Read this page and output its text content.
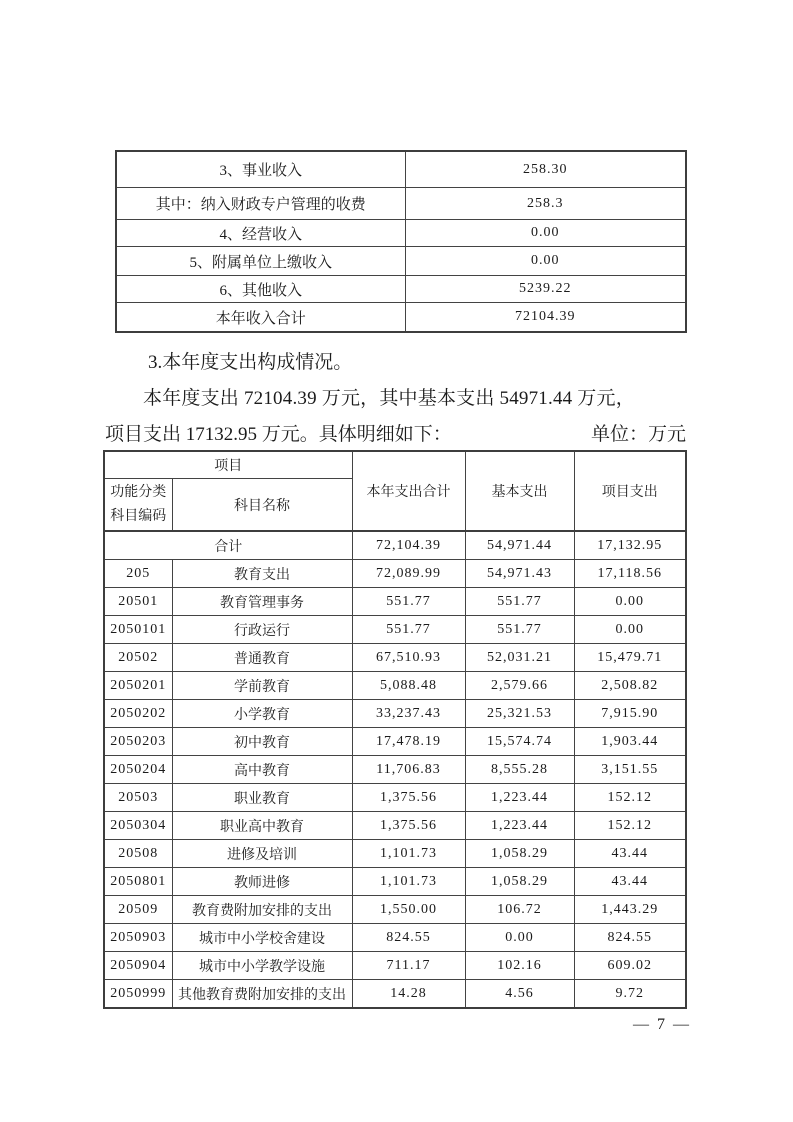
3、事业收入	258.30
其中：纳入财政专户管理的收费	258.3
4、经营收入	0.00
5、附属单位上缴收入	0.00
6、其他收入	5239.22
本年收入合计	72104.39
3.本年度支出构成情况。
本年度支出 72104.39 万元，其中基本支出 54971.44 万元，
项目支出 17132.95 万元。具体明细如下：	单位：万元
项目		本年支出合计	基本支出	项目支出

功能分类
科目编码	科目名称			
合计		72,104.39	54,971.44	17,132.95
205	教育支出	72,089.99	54,971.43	17,118.56
20501	教育管理事务	551.77	551.77	0.00
2050101	行政运行	551.77	551.77	0.00
20502	普通教育	67,510.93	52,031.21	15,479.71
2050201	学前教育	5,088.48	2,579.66	2,508.82
2050202	小学教育	33,237.43	25,321.53	7,915.90
2050203	初中教育	17,478.19	15,574.74	1,903.44
2050204	高中教育	11,706.83	8,555.28	3,151.55
20503	职业教育	1,375.56	1,223.44	152.12
2050304	职业高中教育	1,375.56	1,223.44	152.12
20508	进修及培训	1,101.73	1,058.29	43.44
2050801	教师进修	1,101.73	1,058.29	43.44
20509	教育费附加安排的支出	1,550.00	106.72	1,443.29
2050903	城市中小学校舍建设	824.55	0.00	824.55
2050904	城市中小学教学设施	711.17	102.16	609.02
2050999	其他教育费附加安排的支出	14.28	4.56	9.72
— 7 —
